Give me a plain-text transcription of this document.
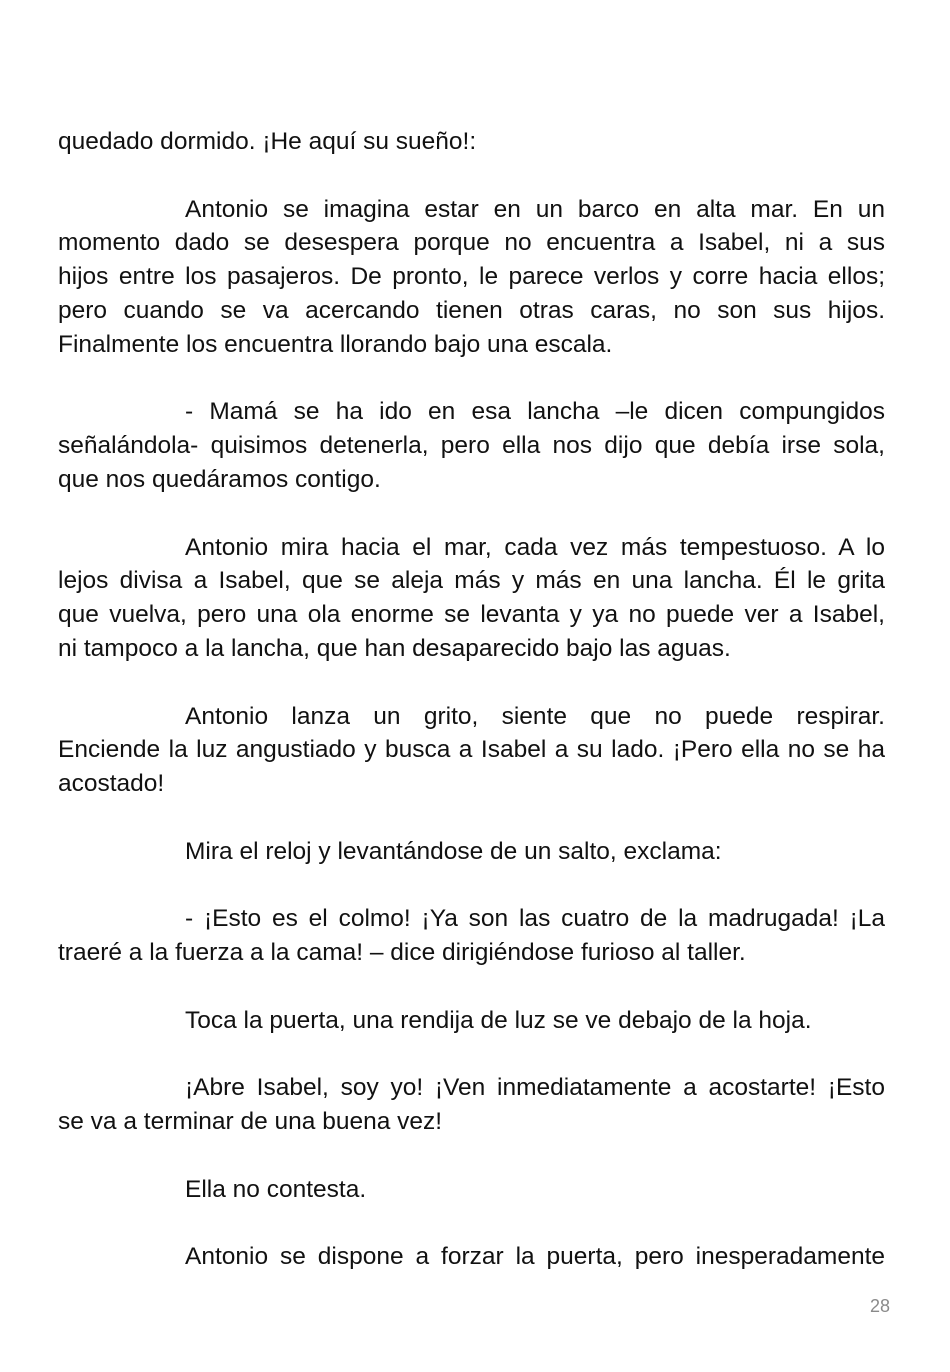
quedado dormido. ¡He aquí su sueño!:
Antonio se imagina estar en un barco en alta mar. En un
momento dado se desespera porque no encuentra a Isabel, ni a sus
hijos entre los pasajeros. De pronto, le parece verlos y corre hacia ellos;
pero cuando se va acercando tienen otras caras, no son sus hijos.
Finalmente los encuentra llorando bajo una escala.
- Mamá se ha ido en esa lancha –le dicen compungidos
señalándola- quisimos detenerla, pero ella nos dijo que debía irse sola,
que nos quedáramos contigo.
Antonio mira hacia el mar, cada vez más tempestuoso. A lo
lejos divisa a Isabel, que se aleja más y más en una lancha. Él le grita
que vuelva, pero una ola enorme se levanta y ya no puede ver a Isabel,
ni tampoco a la lancha, que han desaparecido bajo las aguas.
Antonio lanza un grito, siente que no puede respirar.
Enciende la luz angustiado y busca a Isabel a su lado. ¡Pero ella no se ha
acostado!
Mira el reloj y levantándose de un salto, exclama:
- ¡Esto es el colmo! ¡Ya son las cuatro de la madrugada! ¡La
traeré a la fuerza a la cama! – dice dirigiéndose furioso al taller.
Toca la puerta, una rendija de luz se ve debajo de la hoja.
¡Abre Isabel, soy yo! ¡Ven inmediatamente a acostarte! ¡Esto
se va a terminar de una buena vez!
Ella no contesta.
Antonio se dispone a forzar la puerta, pero inesperadamente
28
